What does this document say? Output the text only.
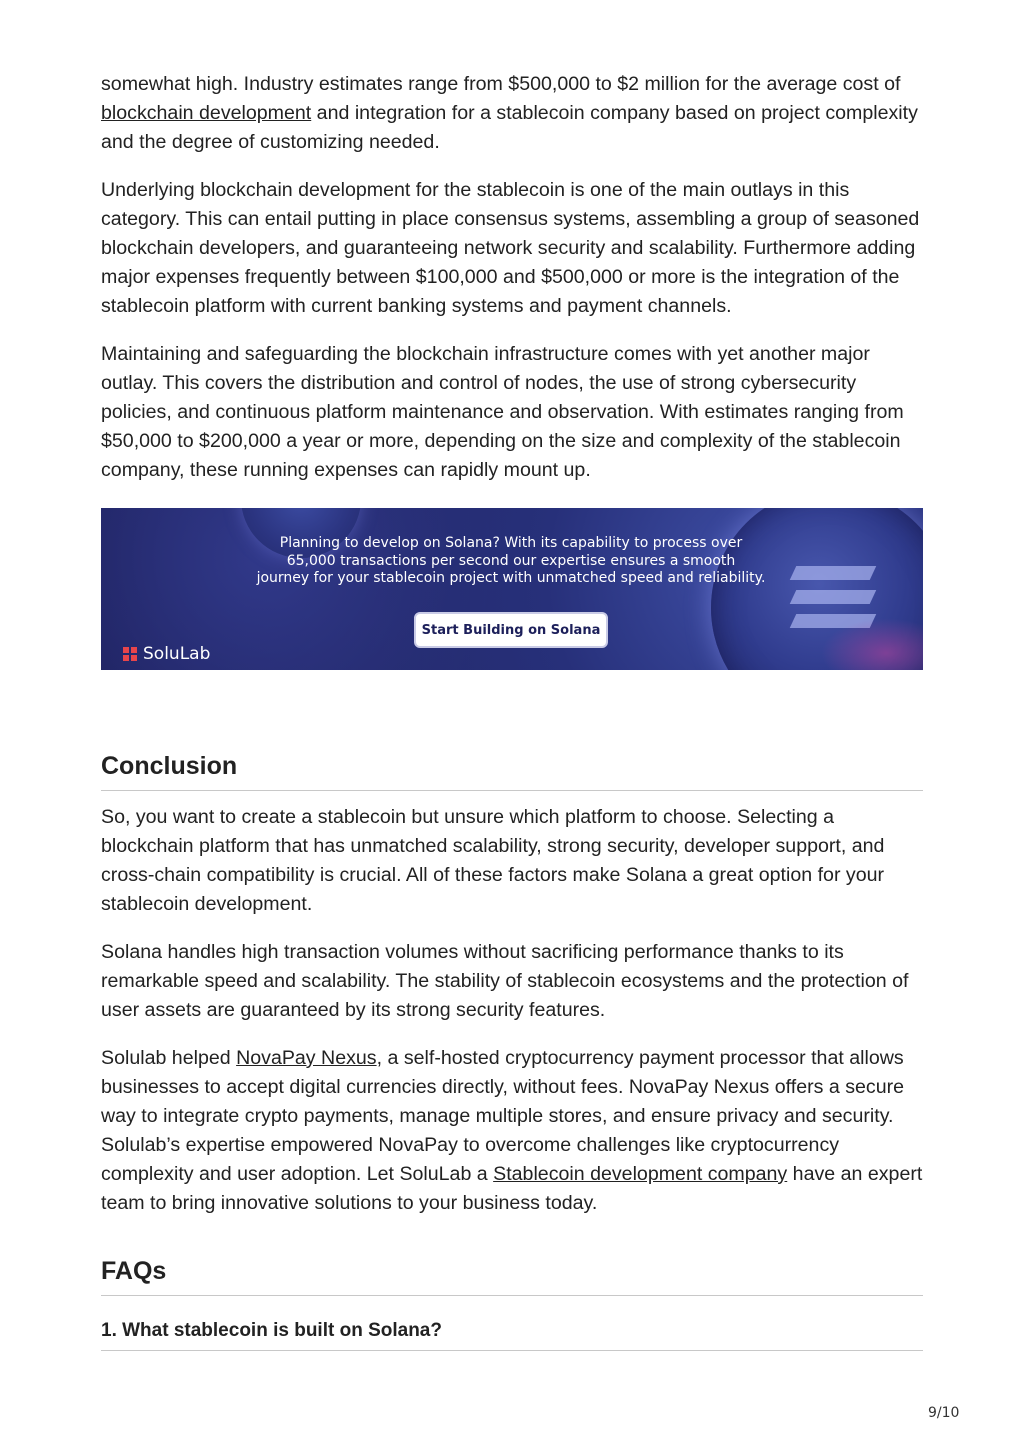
somewhat high. Industry estimates range from $500,000 to $2 million for the average cost of blockchain development and integration for a stablecoin company based on project complexity and the degree of customizing needed.

Underlying blockchain development for the stablecoin is one of the main outlays in this category. This can entail putting in place consensus systems, assembling a group of seasoned blockchain developers, and guaranteeing network security and scalability. Furthermore adding major expenses frequently between $100,000 and $500,000 or more is the integration of the stablecoin platform with current banking systems and payment channels.

Maintaining and safeguarding the blockchain infrastructure comes with yet another major outlay. This covers the distribution and control of nodes, the use of strong cybersecurity policies, and continuous platform maintenance and observation. With estimates ranging from $50,000 to $200,000 a year or more, depending on the size and complexity of the stablecoin company, these running expenses can rapidly mount up.

Planning to develop on Solana? With its capability to process over
65,000 transactions per second our expertise ensures a smooth
journey for your stablecoin project with unmatched speed and reliability.
Start Building on Solana
SoluLab
Conclusion

So, you want to create a stablecoin but unsure which platform to choose. Selecting a blockchain platform that has unmatched scalability, strong security, developer support, and cross-chain compatibility is crucial. All of these factors make Solana a great option for your stablecoin development.

Solana handles high transaction volumes without sacrificing performance thanks to its remarkable speed and scalability. The stability of stablecoin ecosystems and the protection of user assets are guaranteed by its strong security features.

Solulab helped NovaPay Nexus, a self-hosted cryptocurrency payment processor that allows businesses to accept digital currencies directly, without fees. NovaPay Nexus offers a secure way to integrate crypto payments, manage multiple stores, and ensure privacy and security. Solulab’s expertise empowered NovaPay to overcome challenges like cryptocurrency complexity and user adoption. Let SoluLab a Stablecoin development company have an expert team to bring innovative solutions to your business today.

FAQs
1. What stablecoin is built on Solana?
9/10
